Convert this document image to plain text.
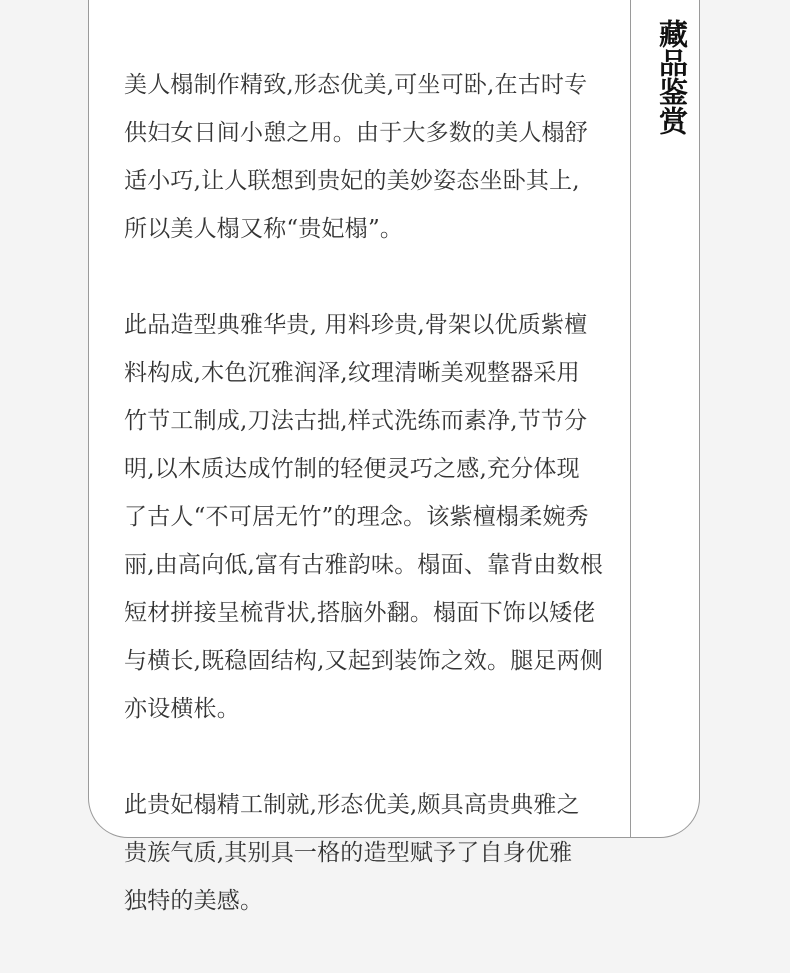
美人榻制作精致,形态优美,可坐可卧,在古时专
供妇女日间小憩之用。由于大多数的美人榻舒
适小巧,让人联想到贵妃的美妙姿态坐卧其上,
所以美人榻又称“贵妃榻”。

此品造型典雅华贵, 用料珍贵,骨架以优质紫檀
料构成,木色沉雅润泽,纹理清晰美观整器采用
竹节工制成,刀法古拙,样式洗练而素净,节节分
明,以木质达成竹制的轻便灵巧之感,充分体现
了古人“不可居无竹”的理念。该紫檀榻柔婉秀
丽,由高向低,富有古雅韵味。榻面、靠背由数根
短材拼接呈梳背状,搭脑外翻。榻面下饰以矮佬
与横长,既稳固结构,又起到装饰之效。腿足两侧
亦设横枨。

此贵妃榻精工制就,形态优美,颇具高贵典雅之
贵族气质,其别具一格的造型赋予了自身优雅
独特的美感。

藏品鉴赏
